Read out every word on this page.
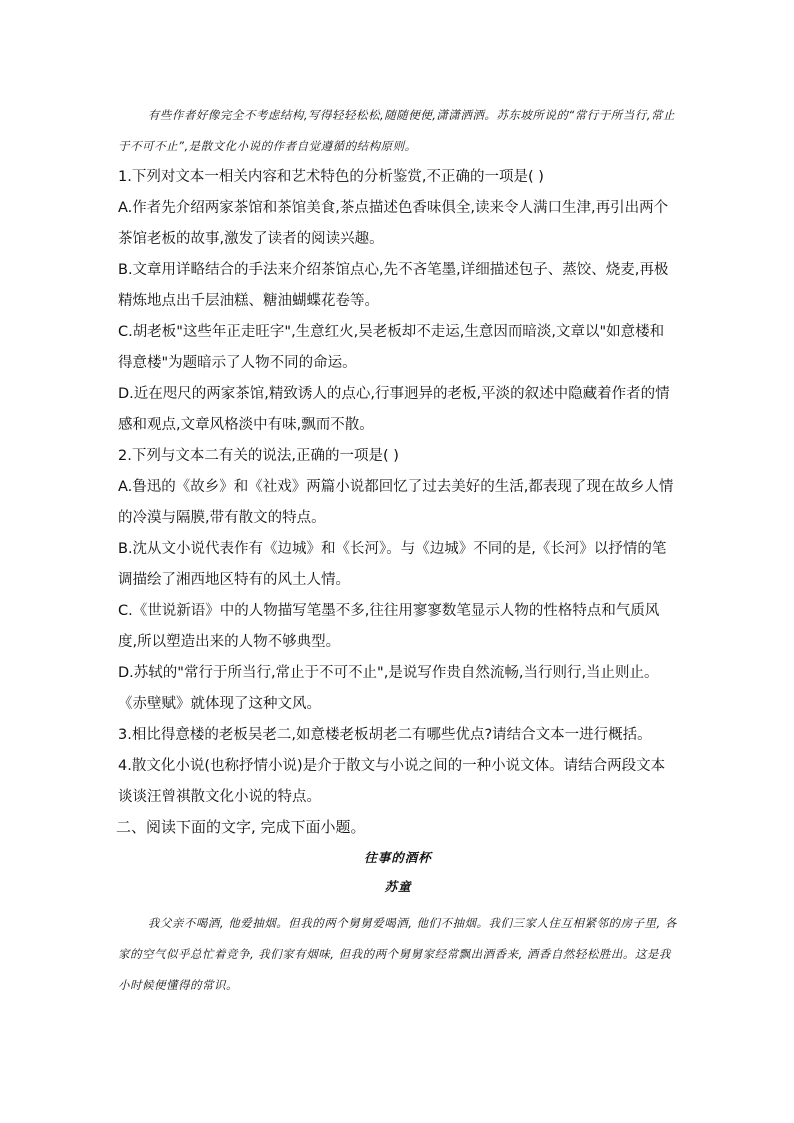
有些作者好像完全不考虑结构,写得轻轻松松,随随便便,潇潇洒洒。苏东坡所说的“常行于所当行,常止于不可不止”,是散文化小说的作者自觉遵循的结构原则。

1.下列对文本一相关内容和艺术特色的分析鉴赏,不正确的一项是( )

A.作者先介绍两家茶馆和茶馆美食,茶点描述色香味俱全,读来令人满口生津,再引出两个茶馆老板的故事,激发了读者的阅读兴趣。

B.文章用详略结合的手法来介绍茶馆点心,先不吝笔墨,详细描述包子、蒸饺、烧麦,再极精炼地点出千层油糕、糖油蝴蝶花卷等。

C.胡老板"这些年正走旺字",生意红火,吴老板却不走运,生意因而暗淡,文章以"如意楼和得意楼"为题暗示了人物不同的命运。

D.近在咫尺的两家茶馆,精致诱人的点心,行事迥异的老板,平淡的叙述中隐藏着作者的情感和观点,文章风格淡中有味,飘而不散。

2.下列与文本二有关的说法,正确的一项是( )

A.鲁迅的《故乡》和《社戏》两篇小说都回忆了过去美好的生活,都表现了现在故乡人情的冷漠与隔膜,带有散文的特点。

B.沈从文小说代表作有《边城》和《长河》。与《边城》不同的是,《长河》以抒情的笔调描绘了湘西地区特有的风土人情。

C.《世说新语》中的人物描写笔墨不多,往往用寥寥数笔显示人物的性格特点和气质风度,所以塑造出来的人物不够典型。

D.苏轼的"常行于所当行,常止于不可不止",是说写作贵自然流畅,当行则行,当止则止。《赤壁赋》就体现了这种文风。

3.相比得意楼的老板吴老二,如意楼老板胡老二有哪些优点?请结合文本一进行概括。

4.散文化小说(也称抒情小说)是介于散文与小说之间的一种小说文体。请结合两段文本谈谈汪曾祺散文化小说的特点。

二、阅读下面的文字, 完成下面小题。

往事的酒杯

苏童

我父亲不喝酒, 他爱抽烟。但我的两个舅舅爱喝酒, 他们不抽烟。我们三家人住互相紧邻的房子里, 各家的空气似乎总忙着竞争, 我们家有烟味, 但我的两个舅舅家经常飘出酒香来, 酒香自然轻松胜出。这是我小时候便懂得的常识。
